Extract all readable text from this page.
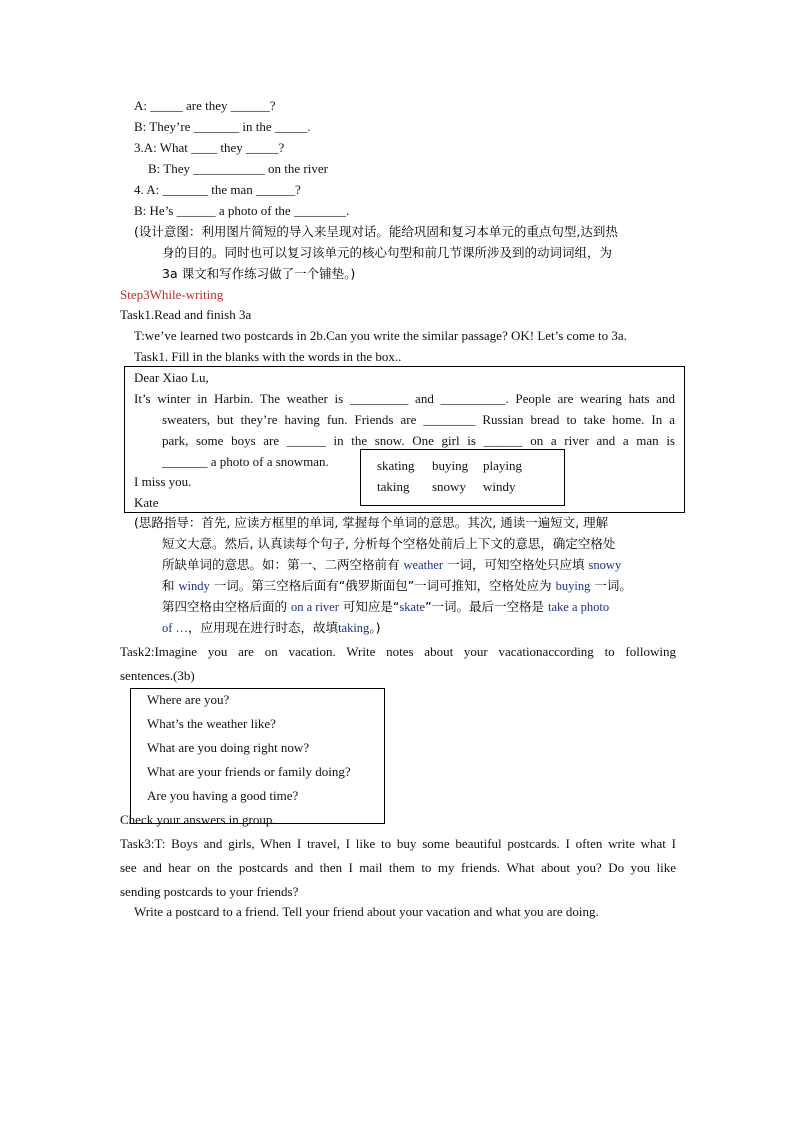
A: _____ are they ______?
B: They’re _______ in the _____.
3.A: What ____ they _____?
B: They ___________ on the river
4. A: _______ the man ______?
B: He’s ______ a photo of the ________.
(设计意图：利用图片简短的导入来呈现对话。能给巩固和复习本单元的重点句型,达到热
身的目的。同时也可以复习该单元的核心句型和前几节课所涉及到的动词词组，为
3a 课文和写作练习做了一个铺垫。)
Step3While-writing
Task1.Read and finish 3a
T:we’ve learned two postcards in 2b.Can you write the similar passage? OK! Let’s come to 3a.
Task1. Fill in the blanks with the words in the box..
Dear Xiao Lu,
It’s winter in Harbin. The weather is _________ and __________. People are wearing hats and
sweaters, but they’re having fun. Friends are ________ Russian bread to take home. In a
park, some boys are ______ in the snow. One girl is ______ on a river and a man is
_______ a photo of a snowman.
I miss you.
Kate
skating buying playing
taking snowy windy
(思路指导：首先, 应读方框里的单词, 掌握每个单词的意思。其次, 通读一遍短文, 理解
短文大意。然后, 认真读每个句子, 分析每个空格处前后上下文的意思，确定空格处
所缺单词的意思。如：第一、二两空格前有 weather 一词，可知空格处只应填 snowy
和 windy 一词。第三空格后面有“俄罗斯面包”一词可推知，空格处应为 buying 一词。
第四空格由空格后面的 on a river 可知应是“skate”一词。最后一空格是 take a photo
of …，应用现在进行时态，故填taking。)
Task2:Imagine you are on vacation. Write notes about your vacationaccording to following
sentences.(3b)
Where are you?
What’s the weather like?
What are you doing right now?
What are your friends or family doing?
Are you having a good time?
Check your answers in group.
Task3:T: Boys and girls, When I travel, I like to buy some beautiful postcards. I often write what I
see and hear on the postcards and then I mail them to my friends. What about you? Do you like
sending postcards to your friends?
Write a postcard to a friend. Tell your friend about your vacation and what you are doing.
